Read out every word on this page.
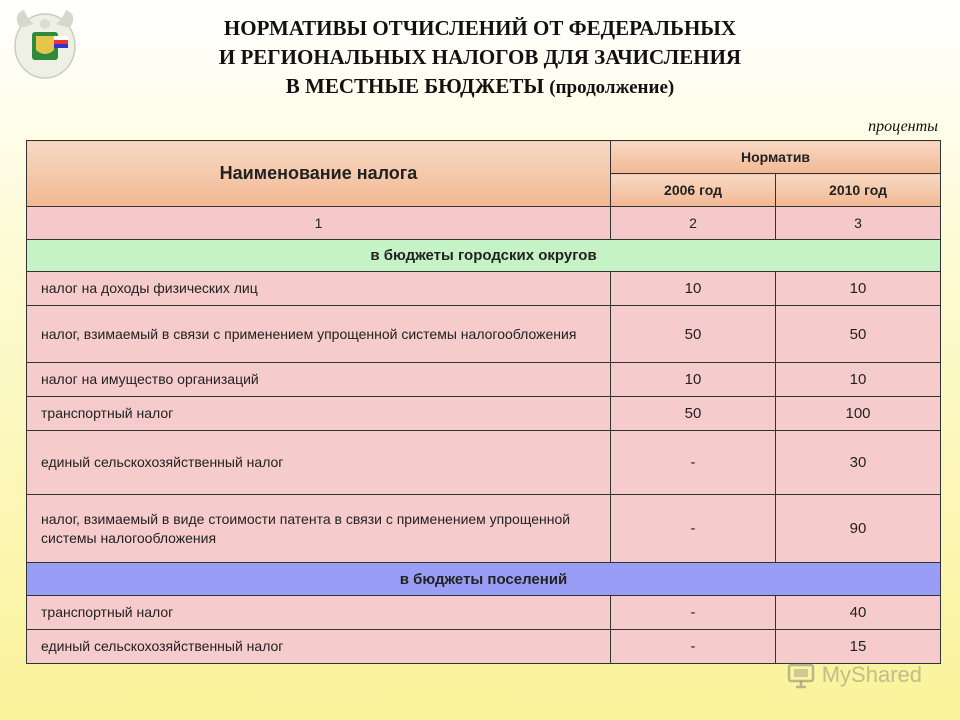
НОРМАТИВЫ ОТЧИСЛЕНИЙ ОТ ФЕДЕРАЛЬНЫХ
И РЕГИОНАЛЬНЫХ НАЛОГОВ ДЛЯ ЗАЧИСЛЕНИЯ
В МЕСТНЫЕ БЮДЖЕТЫ (продолжение)
проценты
Наименование налога	Норматив	
	2006 год	2010 год
1	2	3
в бюджеты городских округов		
налог на доходы физических лиц	10	10
налог, взимаемый в связи с применением упрощенной системы налогообложения	50	50
налог на имущество организаций	10	10
транспортный налог	50	100
единый сельскохозяйственный налог	-	30
налог, взимаемый в виде стоимости патента в связи с применением упрощенной системы налогообложения	-	90
в бюджеты поселений		
транспортный налог	-	40
единый сельскохозяйственный налог	-	15
MyShared
